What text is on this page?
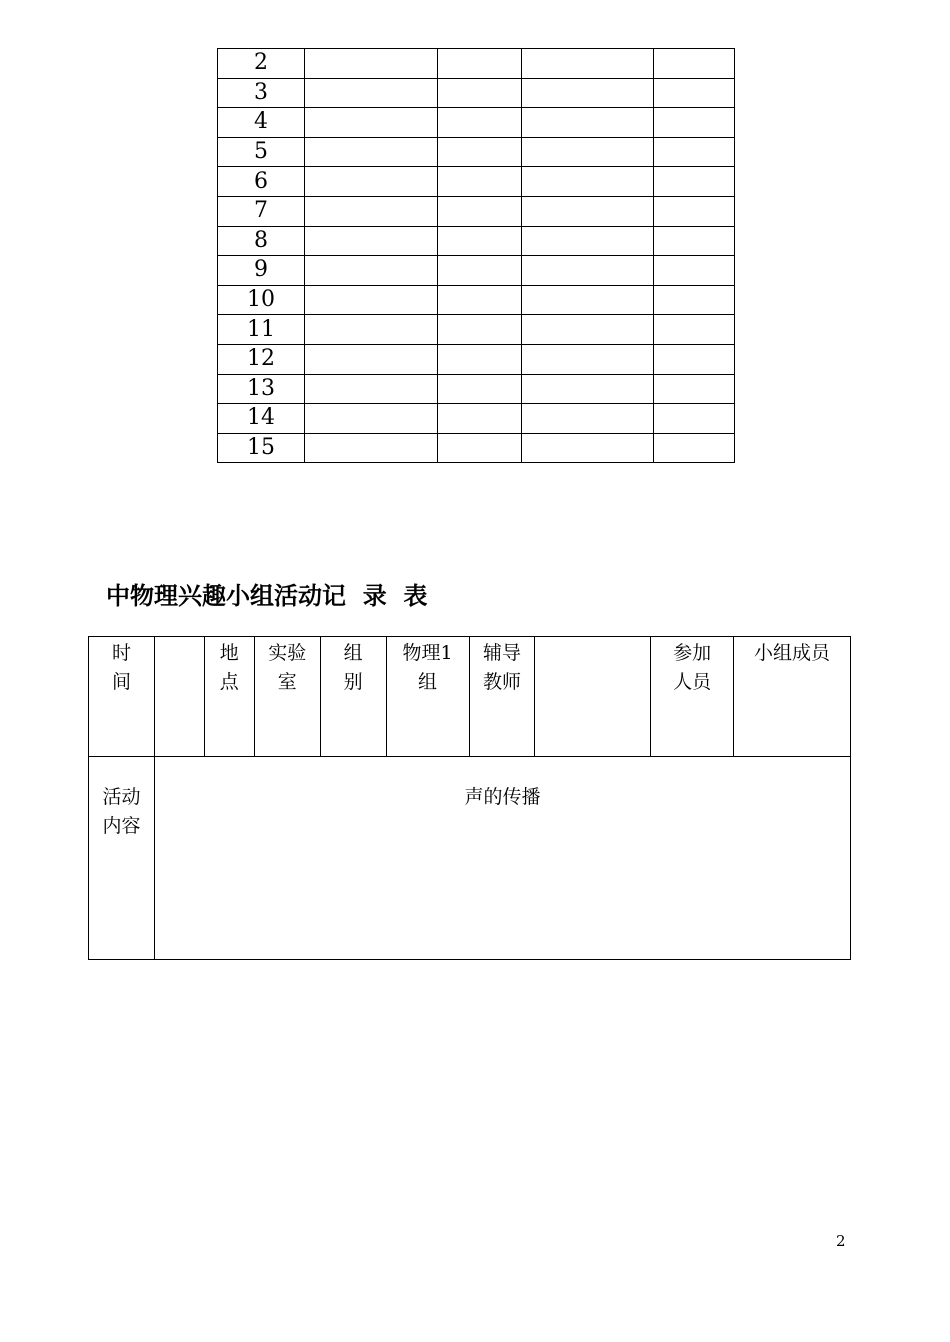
2				
3				
4				
5				
6				
7				
8				
9				
10				
11				
12				
13				
14				
15				
中物理兴趣小组活动记  录  表
时间		地点	实验室	组别	物理1组	辅导教师		参加人员	小组成员

活动内容	声的传播								
2
